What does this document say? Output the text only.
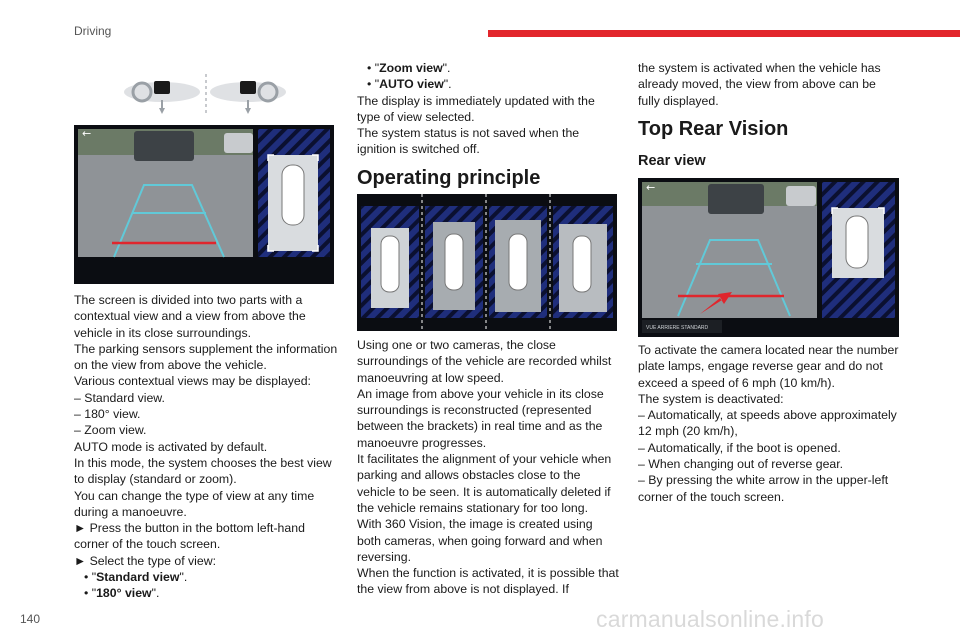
Driving
←

The screen is divided into two parts with a contextual view and a view from above the vehicle in its close surroundings.

The parking sensors supplement the information on the view from above the vehicle.

Various contextual views may be displayed:

– Standard view.

– 180° view.

– Zoom view.

AUTO mode is activated by default.

In this mode, the system chooses the best view to display (standard or zoom).

You can change the type of view at any time during a manoeuvre.

► Press the button in the bottom left-hand corner of the touch screen.

► Select the type of view:

• "Standard view".

• "180° view".

• "Zoom view".

• "AUTO view".

The display is immediately updated with the type of view selected.

The system status is not saved when the ignition is switched off.

Operating principle

Using one or two cameras, the close surroundings of the vehicle are recorded whilst manoeuvring at low speed.

An image from above your vehicle in its close surroundings is reconstructed (represented between the brackets) in real time and as the manoeuvre progresses.

It facilitates the alignment of your vehicle when parking and allows obstacles close to the vehicle to be seen. It is automatically deleted if the vehicle remains stationary for too long.

With 360 Vision, the image is created using both cameras, when going forward and when reversing.

When the function is activated, it is possible that the view from above is not displayed. If

the system is activated when the vehicle has already moved, the view from above can be fully displayed.

Top Rear Vision
Rear view
←
VUE ARRIERE STANDARD

To activate the camera located near the number plate lamps, engage reverse gear and do not exceed a speed of 6 mph (10 km/h).

The system is deactivated:

– Automatically, at speeds above approximately 12 mph (20 km/h),

– Automatically, if the boot is opened.

– When changing out of reverse gear.

– By pressing the white arrow in the upper-left corner of the touch screen.

140	carmanualsonline.info
